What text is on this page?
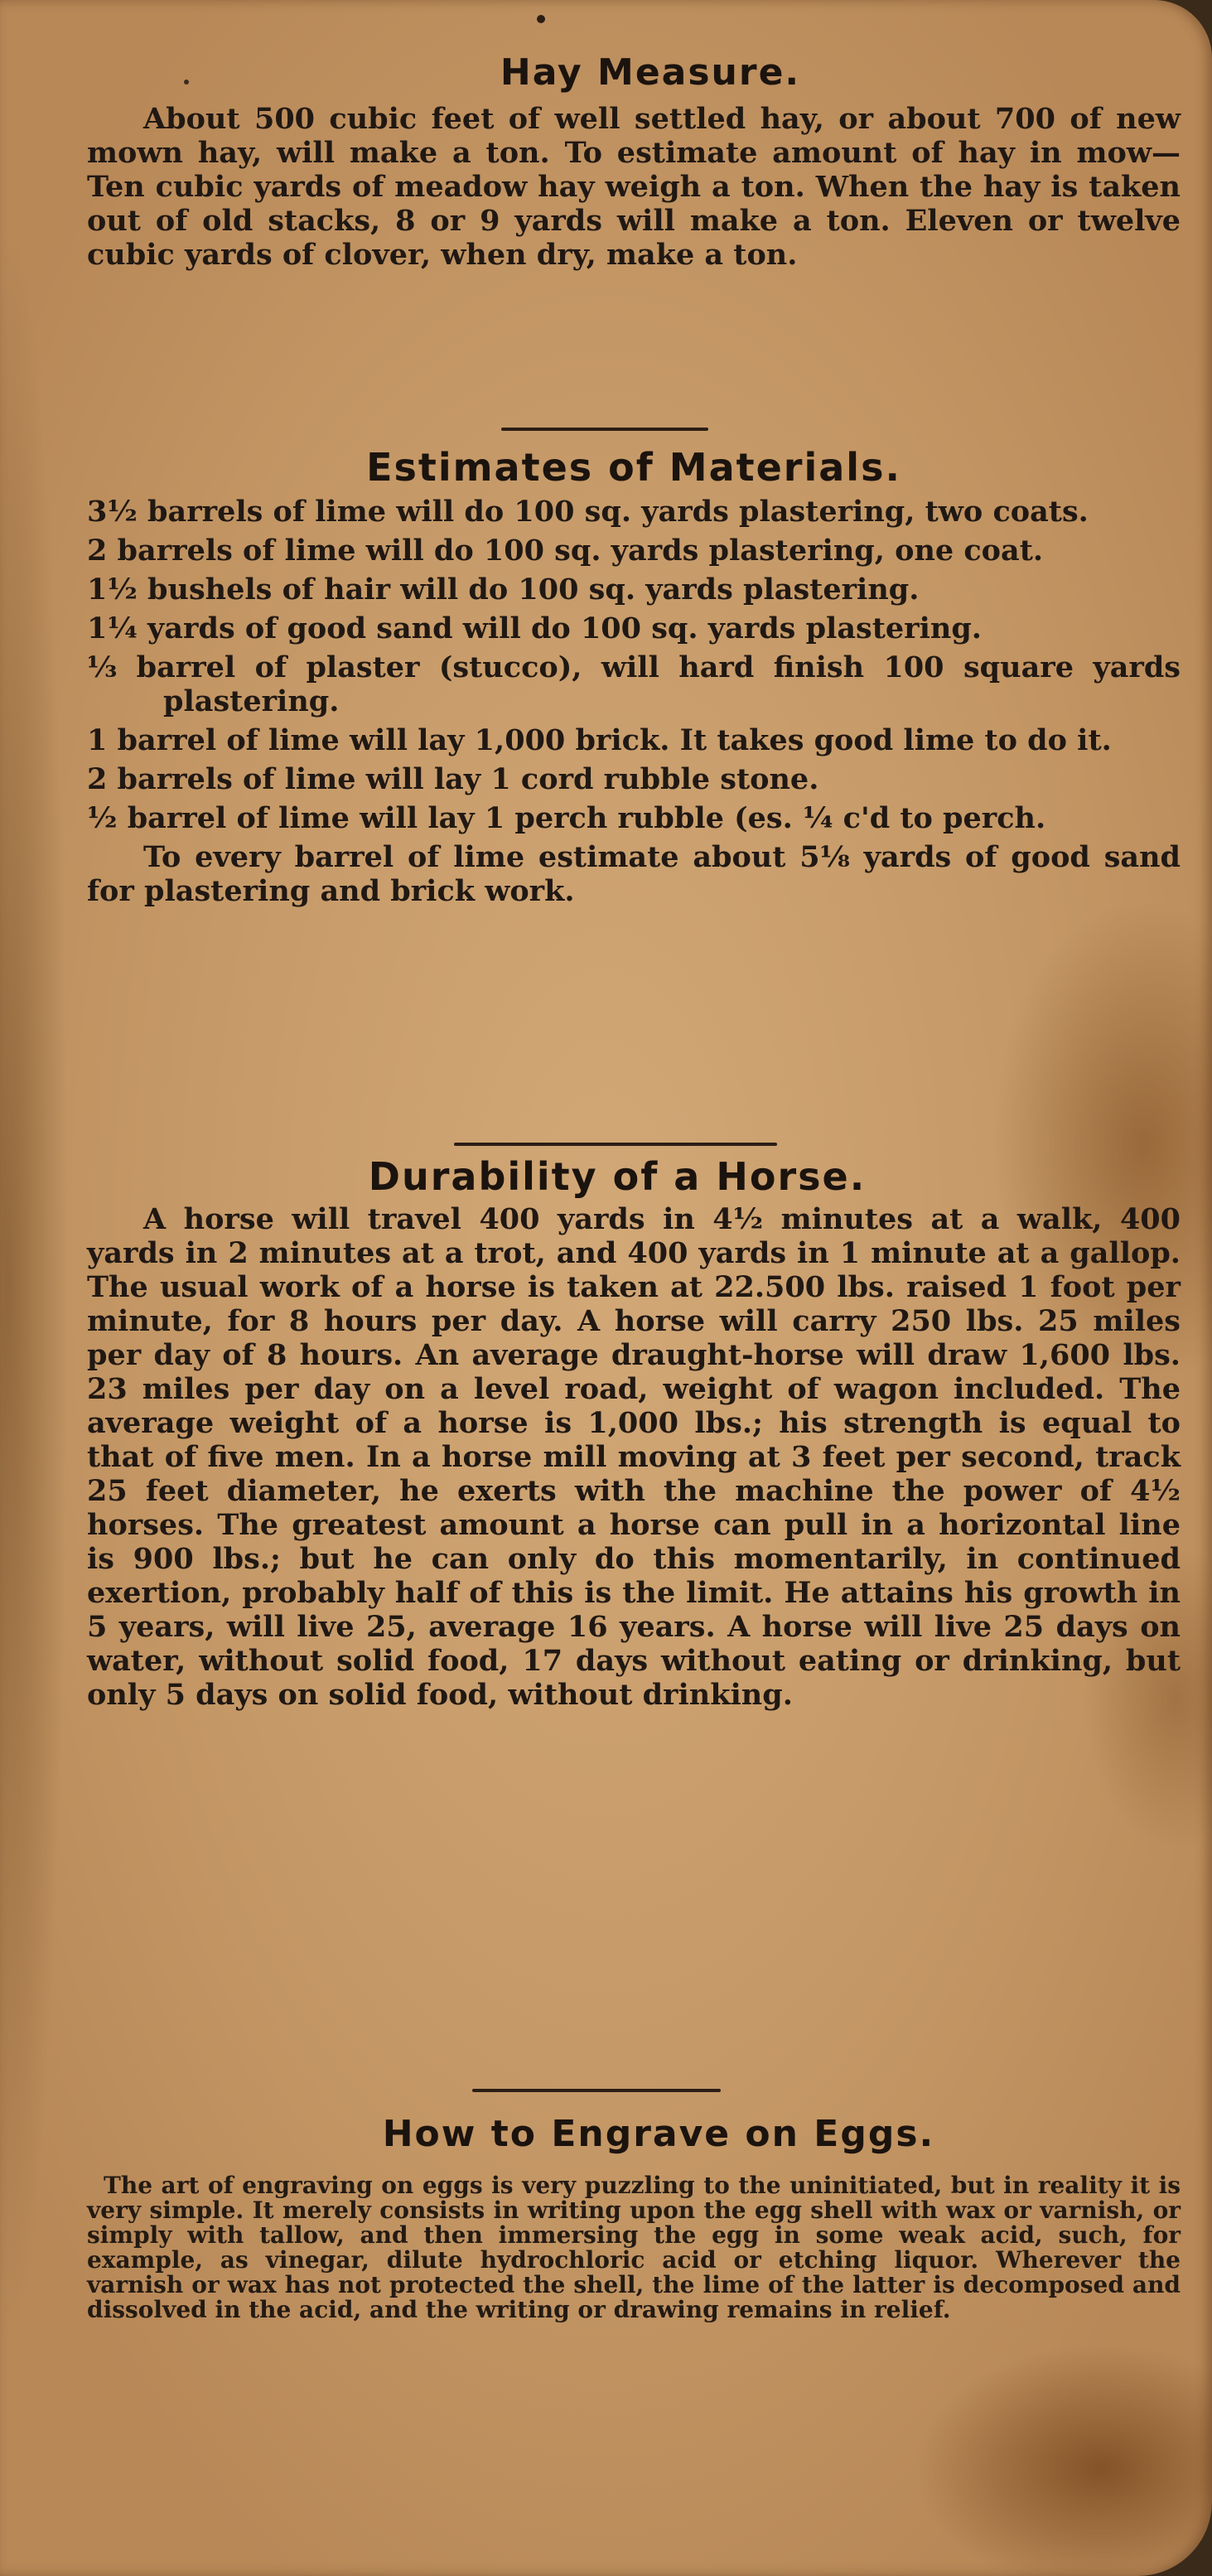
Hay Measure.

About 500 cubic feet of well settled hay, or about 700 of new mown hay, will make a ton. To estimate amount of hay in mow—Ten cubic yards of meadow hay weigh a ton. When the hay is taken out of old stacks, 8 or 9 yards will make a ton. Eleven or twelve cubic yards of clover, when dry, make a ton.

Estimates of Materials.

3½ barrels of lime will do 100 sq. yards plastering, two coats.

2 barrels of lime will do 100 sq. yards plastering, one coat.

1½ bushels of hair will do 100 sq. yards plastering.

1¼ yards of good sand will do 100 sq. yards plastering.

⅓ barrel of plaster (stucco), will hard finish 100 square yards plastering.

1 barrel of lime will lay 1,000 brick. It takes good lime to do it.

2 barrels of lime will lay 1 cord rubble stone.

½ barrel of lime will lay 1 perch rubble (es. ¼ c'd to perch.

To every barrel of lime estimate about 5⅛ yards of good sand for plastering and brick work.

Durability of a Horse.

A horse will travel 400 yards in 4½ minutes at a walk, 400 yards in 2 minutes at a trot, and 400 yards in 1 minute at a gallop. The usual work of a horse is taken at 22.500 lbs. raised 1 foot per minute, for 8 hours per day. A horse will carry 250 lbs. 25 miles per day of 8 hours. An average draught-horse will draw 1,600 lbs. 23 miles per day on a level road, weight of wagon included. The average weight of a horse is 1,000 lbs.; his strength is equal to that of five men. In a horse mill moving at 3 feet per second, track 25 feet diameter, he exerts with the machine the power of 4½ horses. The greatest amount a horse can pull in a horizontal line is 900 lbs.; but he can only do this momentarily, in continued exertion, probably half of this is the limit. He attains his growth in 5 years, will live 25, average 16 years. A horse will live 25 days on water, without solid food, 17 days without eating or drinking, but only 5 days on solid food, without drinking.

How to Engrave on Eggs.

The art of engraving on eggs is very puzzling to the uninitiated, but in reality it is very simple. It merely consists in writing upon the egg shell with wax or varnish, or simply with tallow, and then immersing the egg in some weak acid, such, for example, as vinegar, dilute hydrochloric acid or etching liquor. Wherever the varnish or wax has not protected the shell, the lime of the latter is decomposed and dissolved in the acid, and the writing or drawing remains in relief.
